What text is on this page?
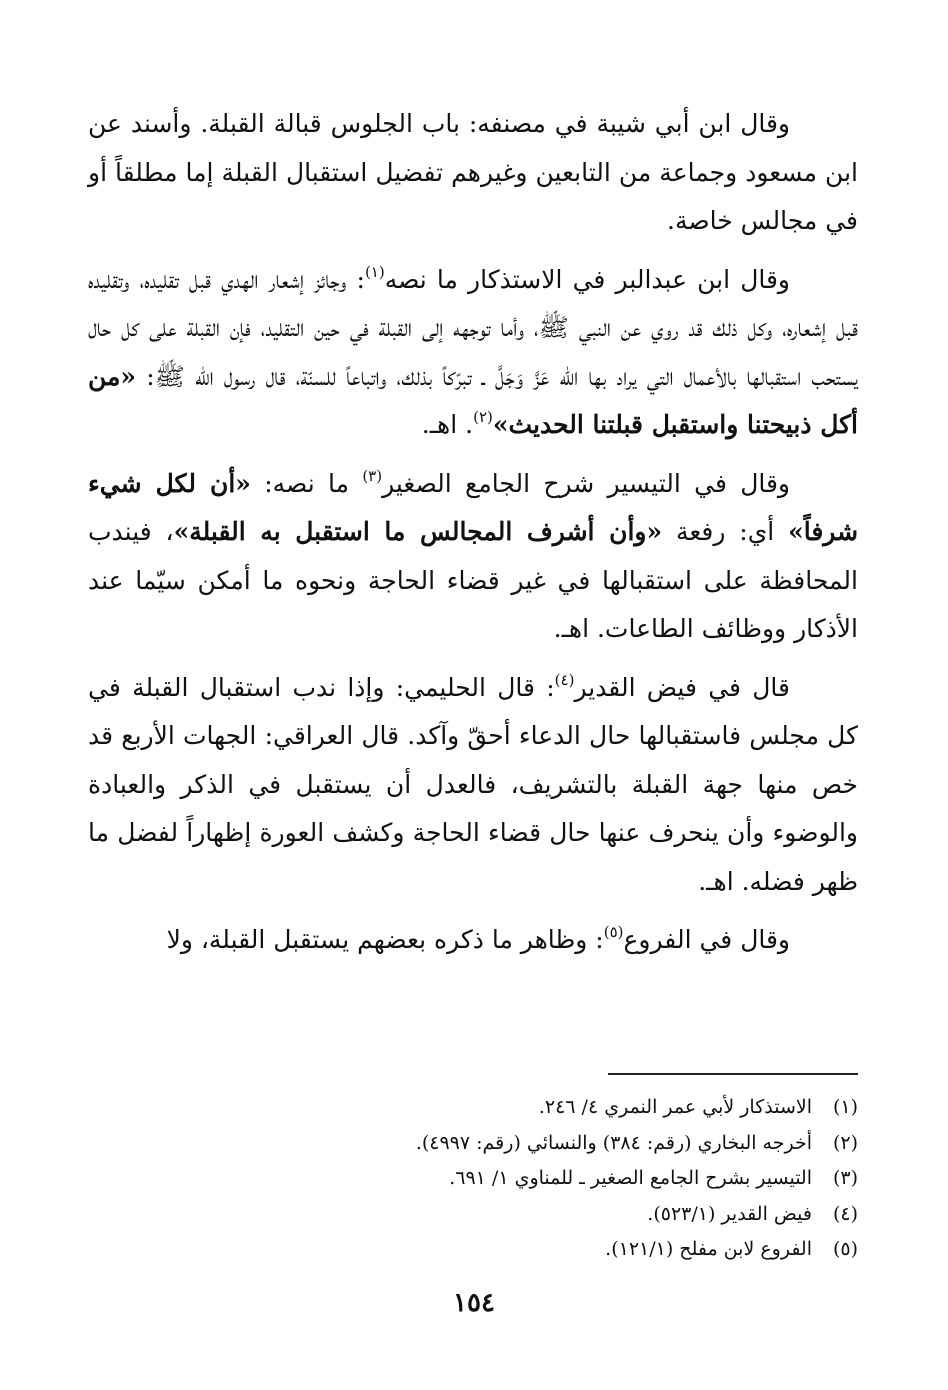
وقال ابن أبي شيبة في مصنفه: باب الجلوس قبالة القبلة. وأسند عن ابن مسعود وجماعة من التابعين وغيرهم تفضيل استقبال القبلة إما مطلقاً أو في مجالس خاصة.

وقال ابن عبدالبر في الاستذكار ما نصه$^{(١)}$: وجائز إشعار الهدي قبل تقليده، وتقليده قبل إشعاره، وكل ذلك قد روي عن النبي ﷺ، وأما توجهه إلى القبلة في حين التقليد، فإن القبلة على كل حال يستحب استقبالها بالأعمال التي يراد بها الله عَزَّ وَجَلَّ ـ تبرّكاً بذلك، واتباعاً للسنّة، قال رسول الله ﷺ: «من أكل ذبيحتنا واستقبل قبلتنا الحديث»$^{(٢)}$. اهـ.

وقال في التيسير شرح الجامع الصغير$^{(٣)}$ ما نصه: «أن لكل شيء شرفاً» أي: رفعة «وأن أشرف المجالس ما استقبل به القبلة»، فيندب المحافظة على استقبالها في غير قضاء الحاجة ونحوه ما أمكن سيّما عند الأذكار ووظائف الطاعات. اهـ.

قال في فيض القدير$^{(٤)}$: قال الحليمي: وإذا ندب استقبال القبلة في كل مجلس فاستقبالها حال الدعاء أحقّ وآكد. قال العراقي: الجهات الأربع قد خص منها جهة القبلة بالتشريف، فالعدل أن يستقبل في الذكر والعبادة والوضوء وأن ينحرف عنها حال قضاء الحاجة وكشف العورة إظهاراً لفضل ما ظهر فضله. اهـ.

وقال في الفروع$^{(٥)}$: وظاهر ما ذكره بعضهم يستقبل القبلة، ولا

(١)الاستذكار لأبي عمر النمري ٤/ ٢٤٦.

(٢)أخرجه البخاري (رقم: ٣٨٤) والنسائي (رقم: ٤٩٩٧).

(٣)التيسير بشرح الجامع الصغير ـ للمناوي ١/ ٦٩١.

(٤)فيض القدير (٥٢٣/١).

(٥)الفروع لابن مفلح (١٢١/١).

١٥٤
